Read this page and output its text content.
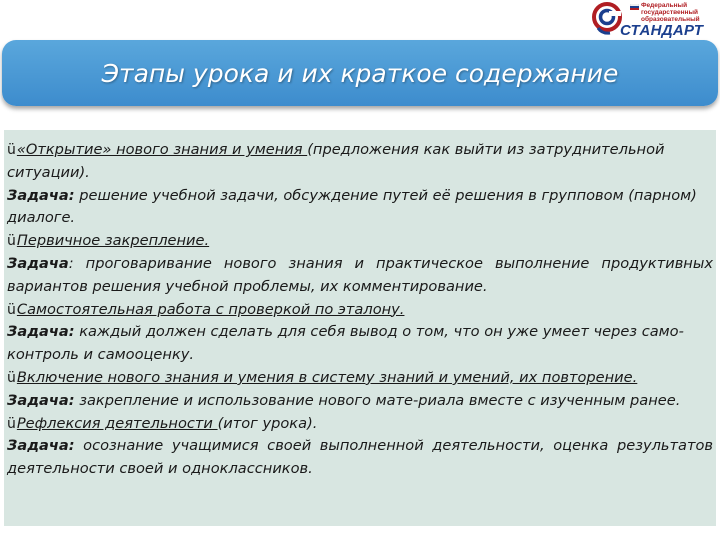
Федеральный
государственный
образовательный
СТАНДАРТ
Этапы урока и их краткое содержание

ü«Открытие» нового знания и умения (предложения как выйти из затруднительной ситуации).

Задача: решение учебной задачи, обсуждение путей её решения в групповом (парном) диалоге.

üПервичное закрепление.

Задача: проговаривание нового знания и практическое выполнение продуктивных вариантов решения учебной проблемы, их комментирование.

üСамостоятельная работа с проверкой по эталону.

Задача: каждый должен сделать для себя вывод о том, что он уже умеет через само-контроль и самооценку.

üВключение нового знания и умения в систему знаний и умений, их повторение.

Задача: закрепление и использование нового мате-риала вместе с изученным ранее.

üРефлексия деятельности (итог урока).

Задача: осознание учащимися своей выполненной деятельности, оценка результатов деятельности своей и одноклассников.
